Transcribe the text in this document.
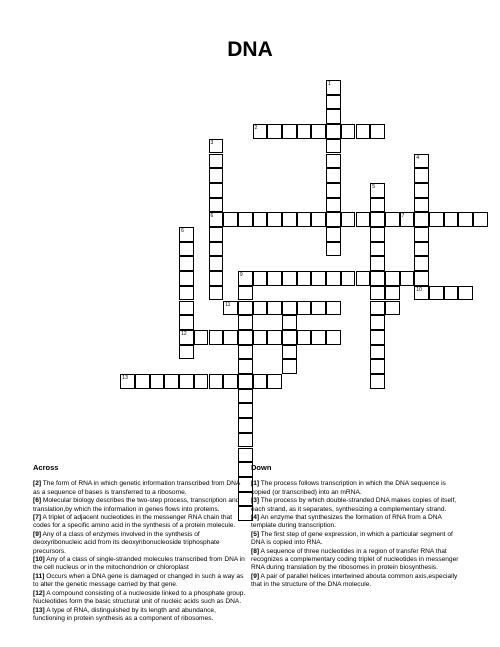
DNA
1
2
3
6
4
10
5
7
6
12
9
11
13
Across

[2] The form of RNA in which genetic information transcribed from DNA as a sequence of bases is transferred to a ribosome.

[6] Molecular biology describes the two-step process, transcription and translation,by which the information in genes flows into proteins.

[7] A triplet of adjacent nucleotides in the messenger RNA chain that codes for a specific amino acid in the synthesis of a protein molecule.

[9] Any of a class of enzymes involved in the synthesis of deoxyribonucleic acid from its deoxyribonucleoside triphosphate precursors.

[10] Any of a class of single-stranded molecules transcribed from DNA in the cell nucleus or in the mitochondrion or chloroplast

[11] Occurs when a DNA gene is damaged or changed in such a way as to alter the genetic message carried by that gene.

[12] A compound consisting of a nucleoside linked to a phosphate group. Nucleotides form the basic structural unit of nucleic acids such as DNA.

[13] A type of RNA, distinguished by its length and abundance, functioning in protein synthesis as a component of ribosomes.

Down

[1] The process follows transcription in which the DNA sequence is copied (or transcribed) into an mRNA.

[3] The process by which double-stranded DNA makes copies of itself, each strand, as it separates, synthesizing a complementary strand.

[4] An enzyme that synthesizes the formation of RNA from a DNA template during transcription.

[5] The first step of gene expression, in which a particular segment of DNA is copied into RNA.

[8] A sequence of three nucleotides in a region of transfer RNA that recognizes a complementary coding triplet of nucleotides in messenger RNA during translation by the ribosomes in protein biosynthesis.

[9] A pair of parallel helices intertwined abouta common axis,especially that in the structure of the DNA molecule.
